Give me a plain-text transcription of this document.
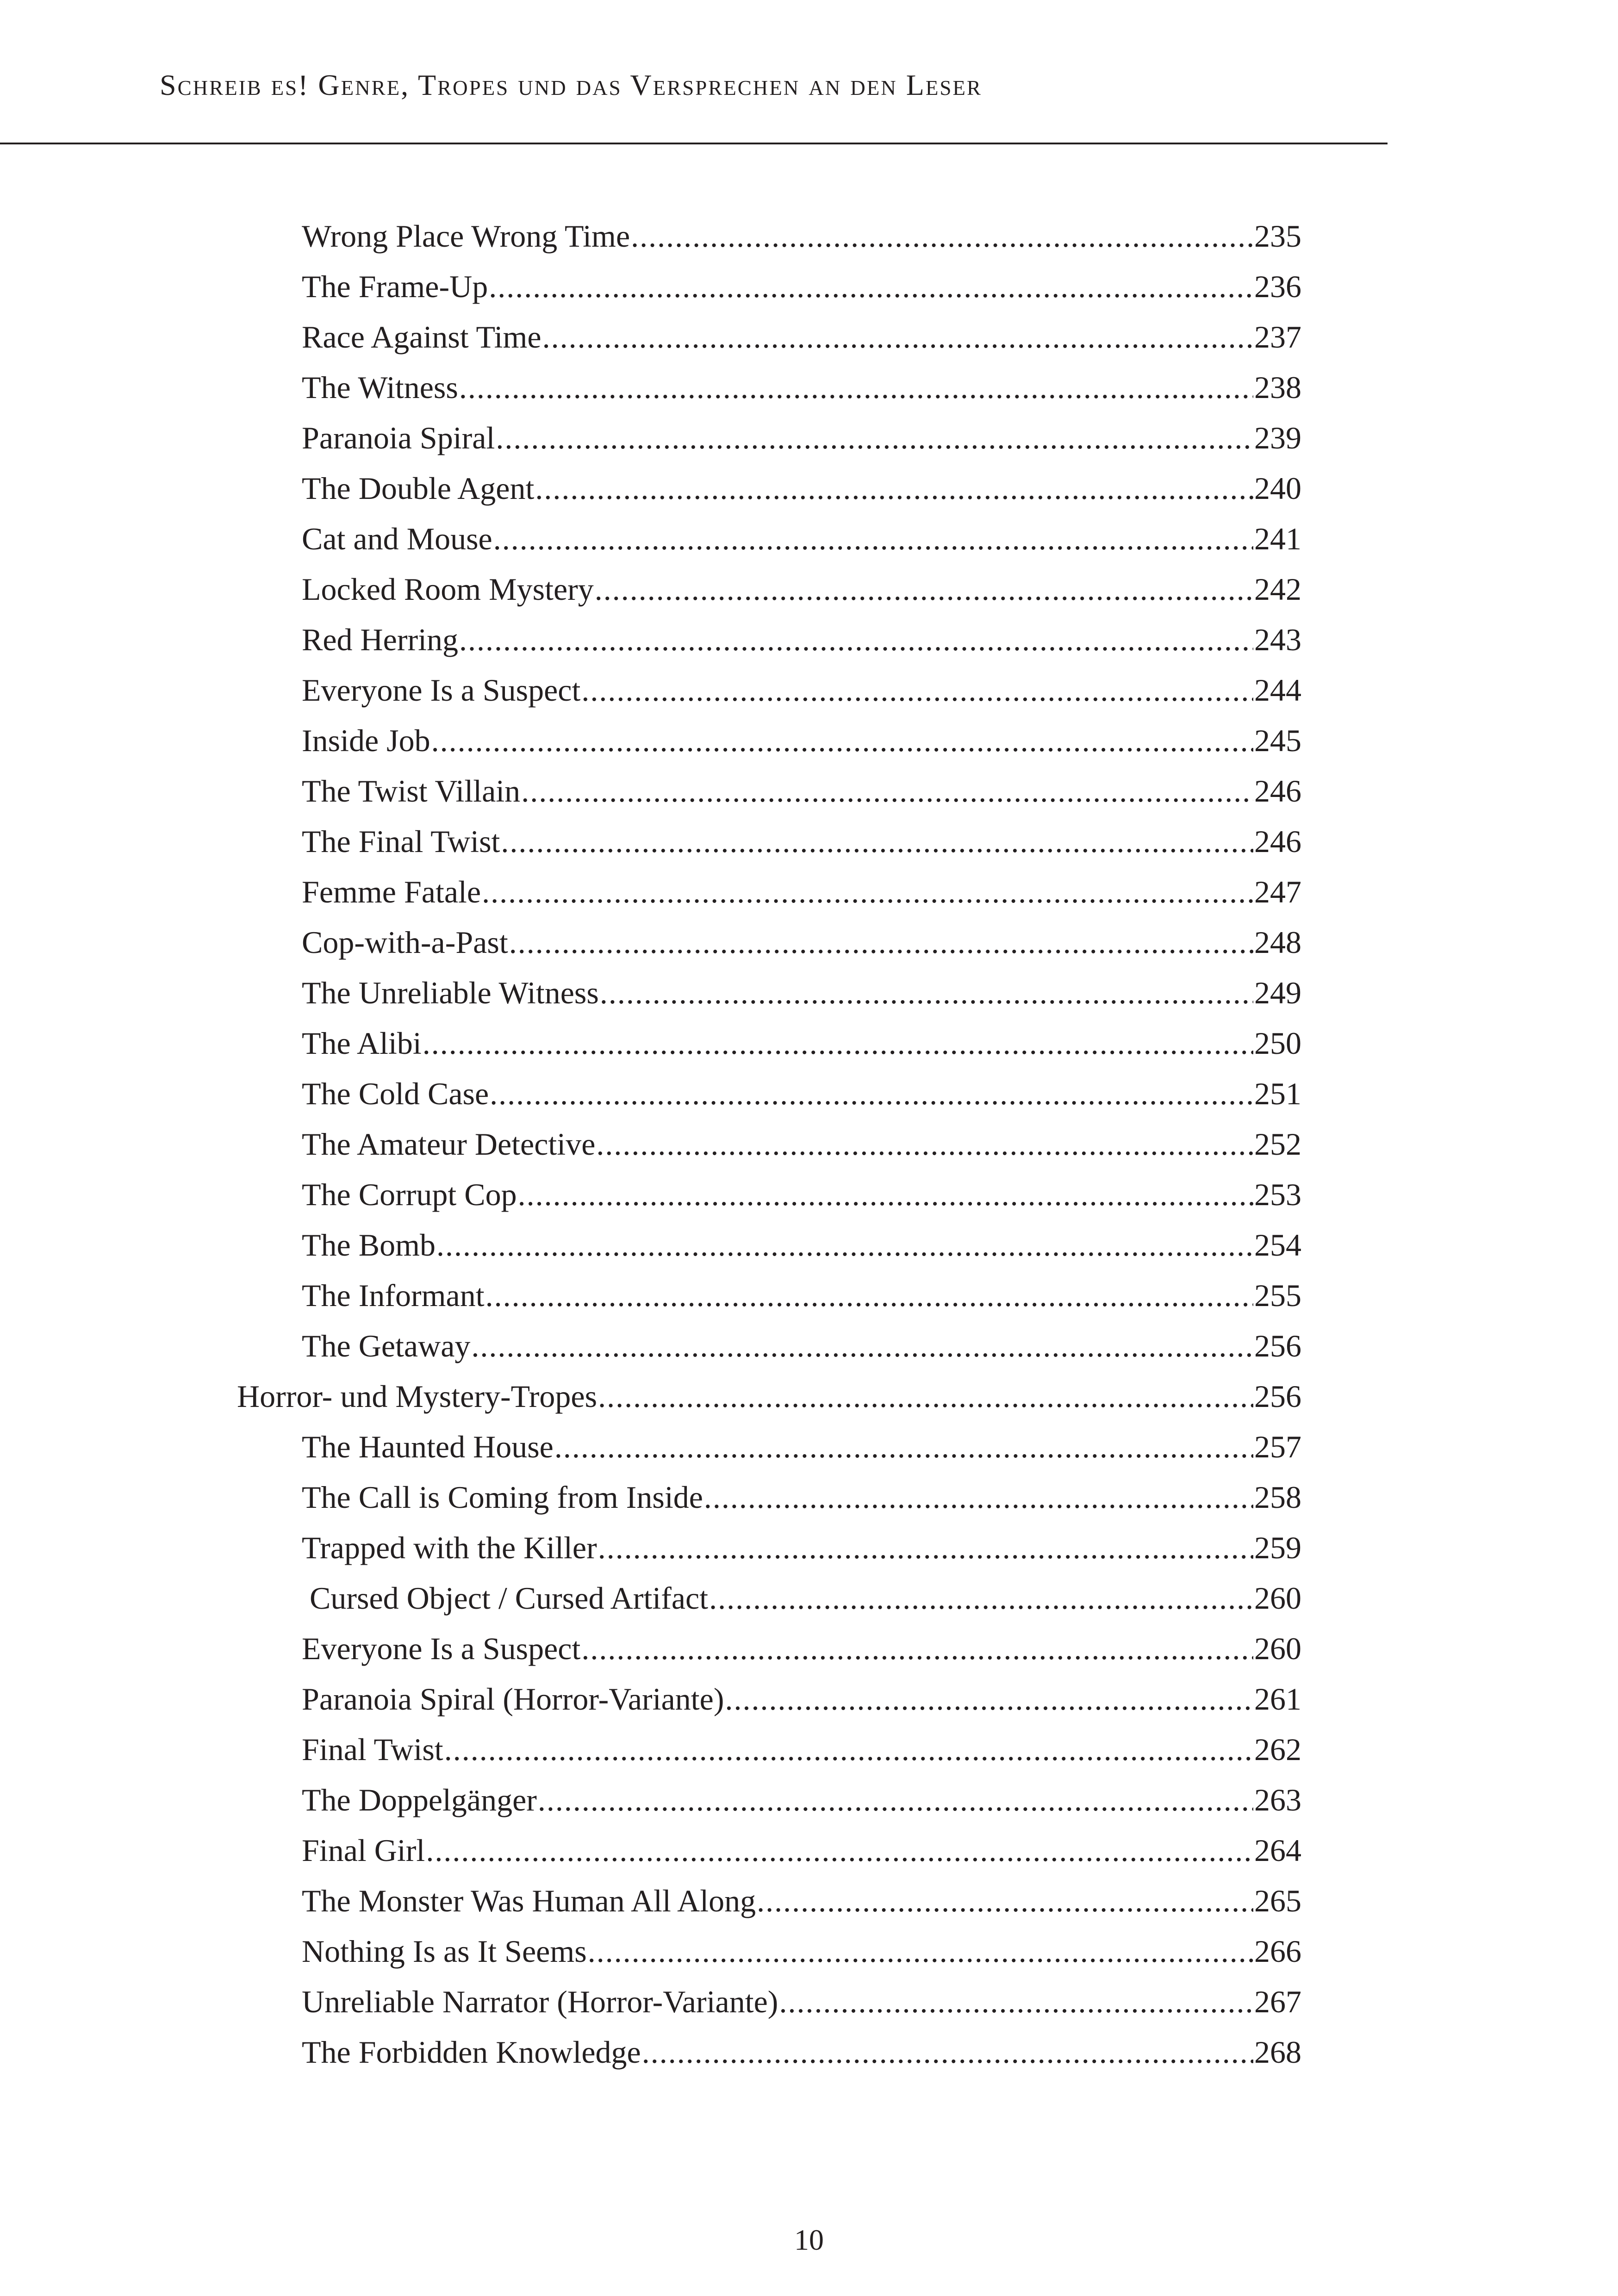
Schreib es! Genre, Tropes und das Versprechen an den Leser
Wrong Place Wrong Time .....	235
The Frame-Up .....	236
Race Against Time .....	237
The Witness .....	238
Paranoia Spiral .....	239
The Double Agent .....	240
Cat and Mouse .....	241
Locked Room Mystery .....	242
Red Herring .....	243
Everyone Is a Suspect .....	244
Inside Job .....	245
The Twist Villain .....	246
The Final Twist .....	246
Femme Fatale .....	247
Cop-with-a-Past .....	248
The Unreliable Witness .....	249
The Alibi .....	250
The Cold Case .....	251
The Amateur Detective .....	252
The Corrupt Cop .....	253
The Bomb .....	254
The Informant .....	255
The Getaway .....	256
Horror- und Mystery-Tropes .....	256
The Haunted House .....	257
The Call is Coming from Inside .....	258
Trapped with the Killer .....	259
Cursed Object / Cursed Artifact .....	260
Everyone Is a Suspect .....	260
Paranoia Spiral (Horror-Variante) .....	261
Final Twist .....	262
The Doppelgänger .....	263
Final Girl .....	264
The Monster Was Human All Along .....	265
Nothing Is as It Seems .....	266
Unreliable Narrator (Horror-Variante) .....	267
The Forbidden Knowledge .....	268
10
